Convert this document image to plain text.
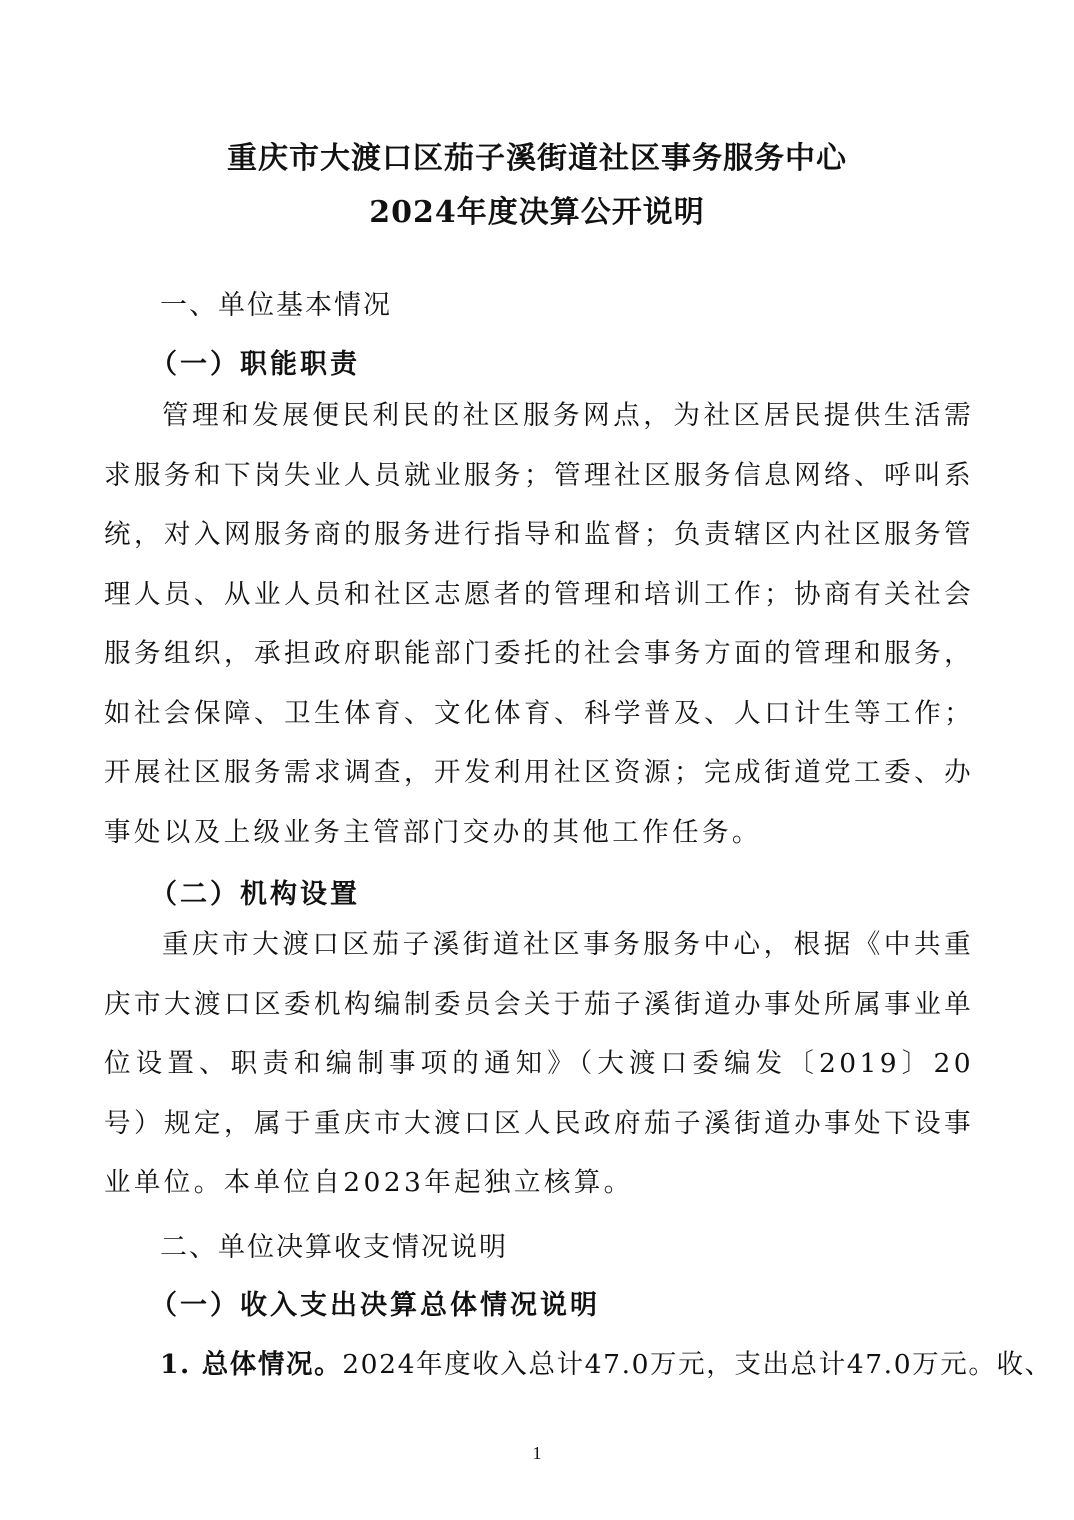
重庆市大渡口区茄子溪街道社区事务服务中心
2024年度决算公开说明
一、单位基本情况
（一）职能职责

管理和发展便民利民的社区服务网点，为社区居民提供生活需求服务和下岗失业人员就业服务；管理社区服务信息网络、呼叫系统，对入网服务商的服务进行指导和监督；负责辖区内社区服务管理人员、从业人员和社区志愿者的管理和培训工作；协商有关社会服务组织，承担政府职能部门委托的社会事务方面的管理和服务，如社会保障、卫生体育、文化体育、科学普及、人口计生等工作；开展社区服务需求调查，开发利用社区资源；完成街道党工委、办事处以及上级业务主管部门交办的其他工作任务。

（二）机构设置

重庆市大渡口区茄子溪街道社区事务服务中心，根据《中共重庆市大渡口区委机构编制委员会关于茄子溪街道办事处所属事业单位设置、职责和编制事项的通知》（大渡口委编发〔2019〕20号）规定，属于重庆市大渡口区人民政府茄子溪街道办事处下设事业单位。本单位自2023年起独立核算。

二、单位决算收支情况说明
（一）收入支出决算总体情况说明
1. 总体情况。2024年度收入总计47.0万元，支出总计47.0万元。收、
1
